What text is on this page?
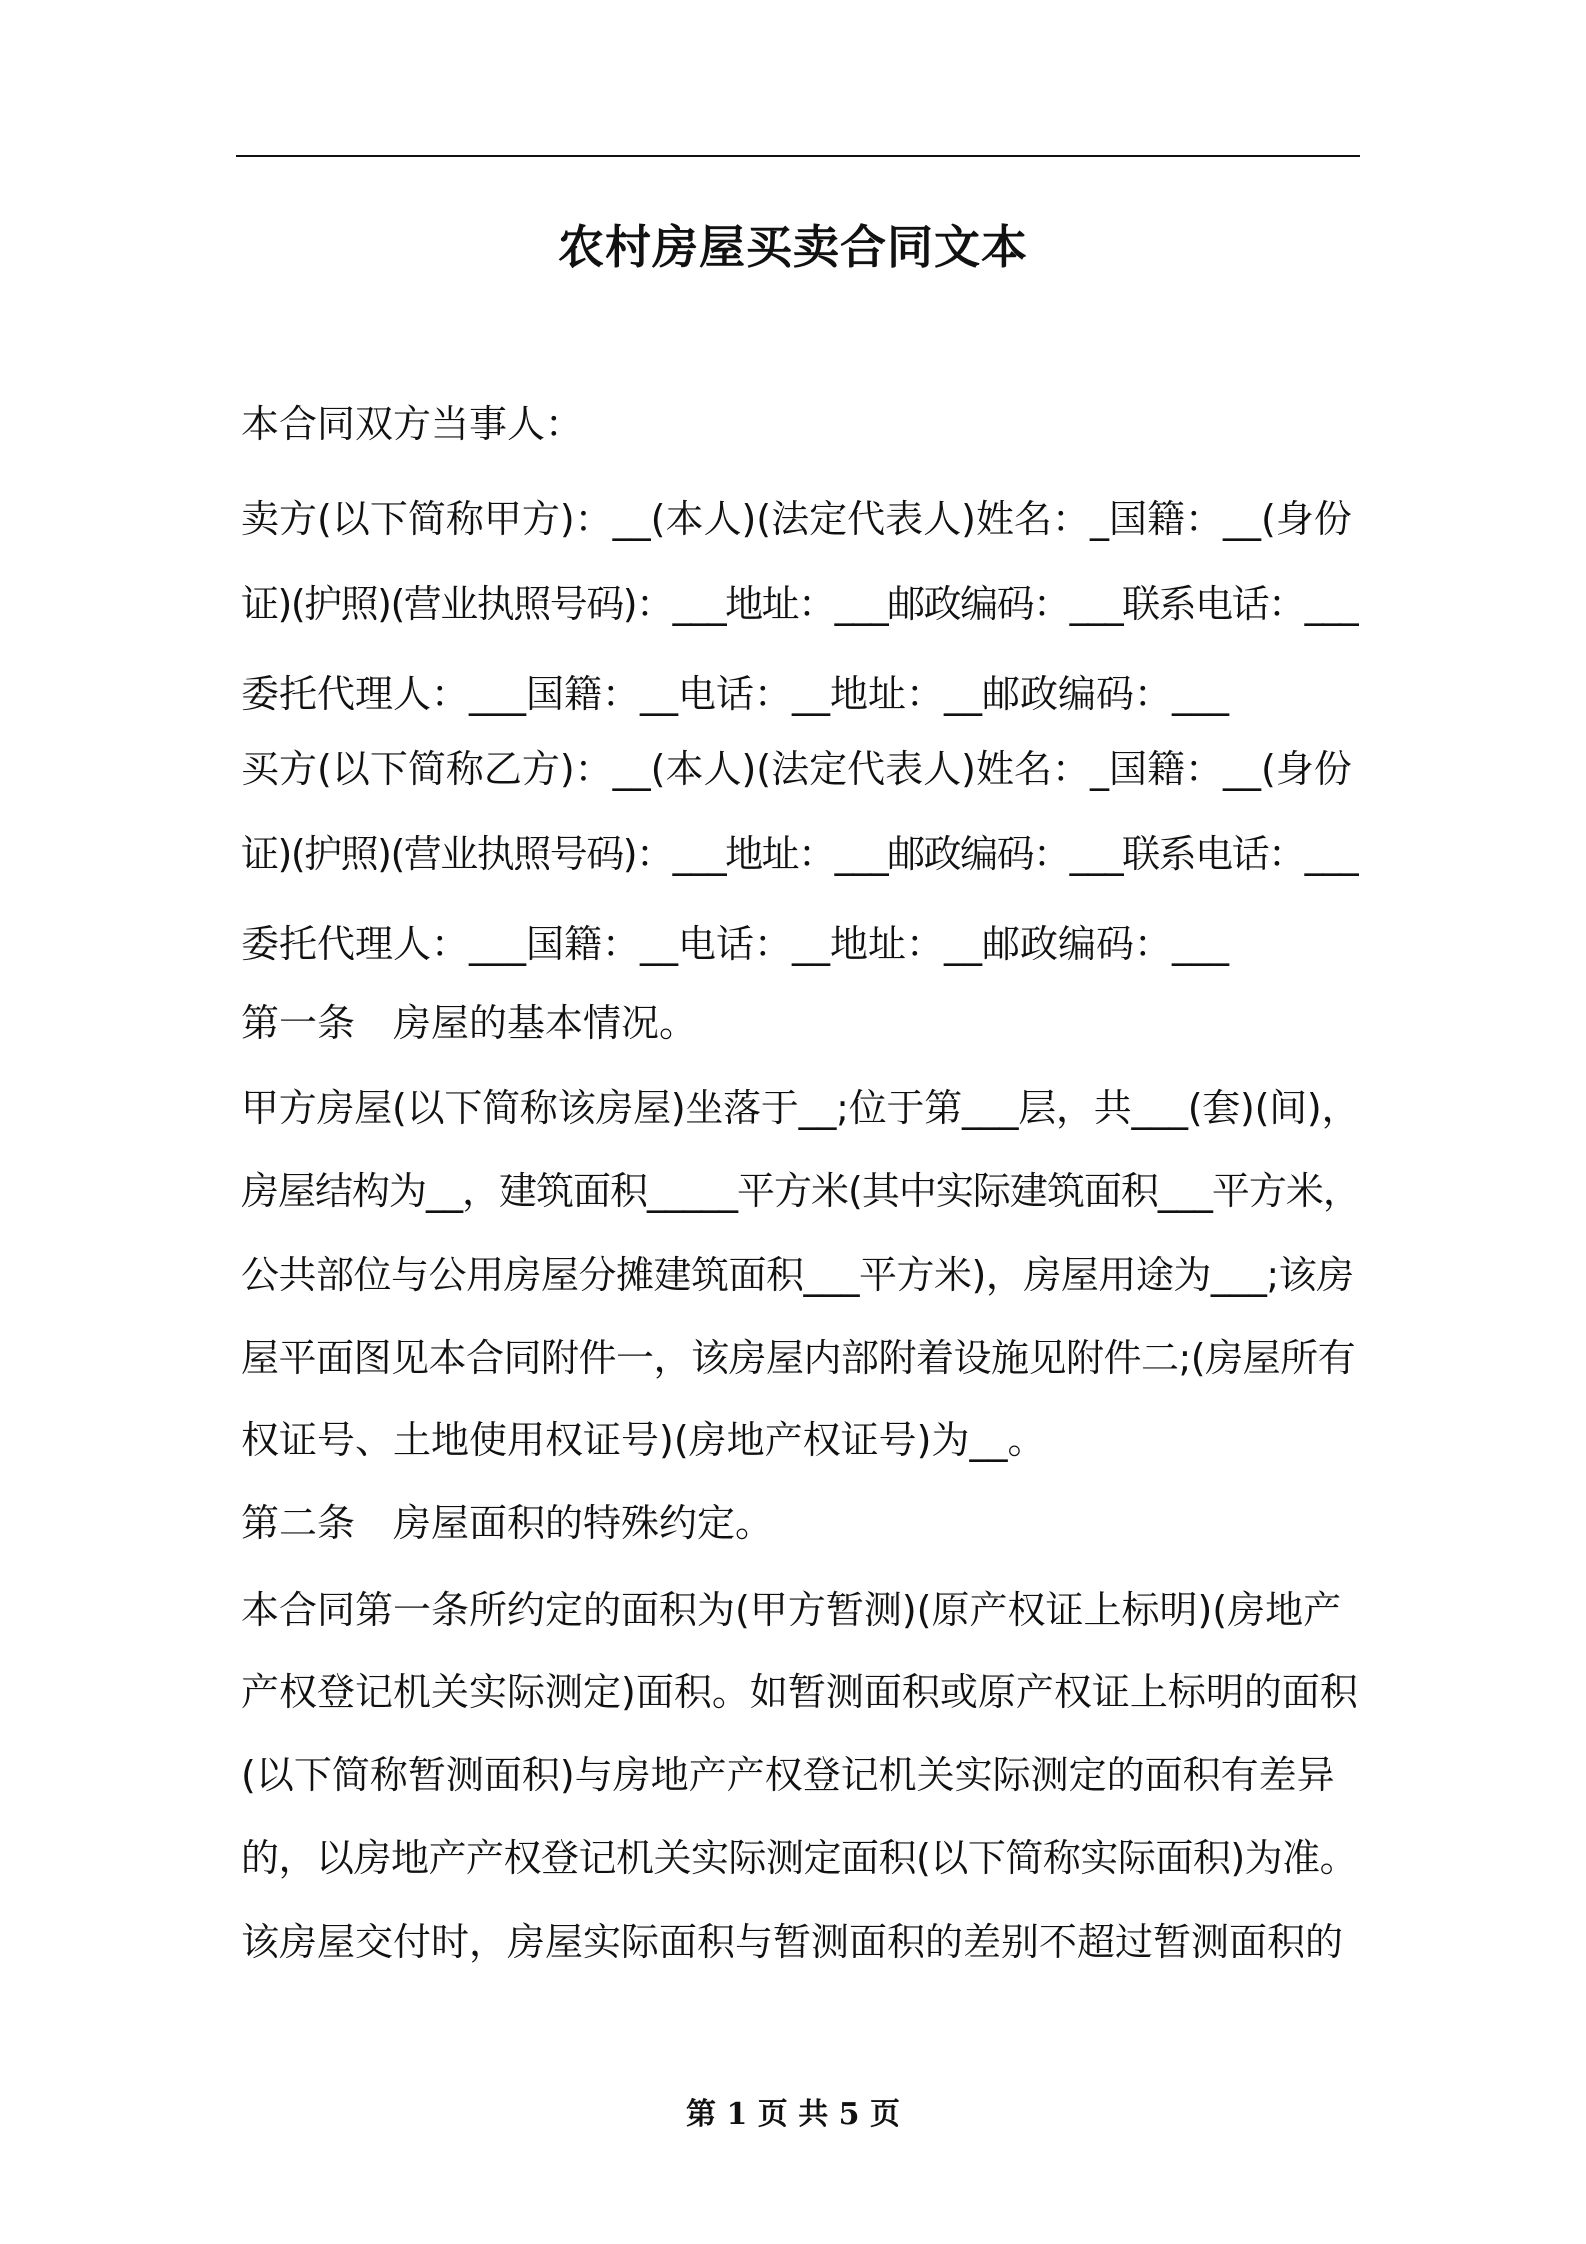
农村房屋买卖合同文本
本合同双方当事人：
卖方(以下简称甲方)：__(本人)(法定代表人)姓名：_国籍：__(身份
证)(护照)(营业执照号码)：___地址：___邮政编码：___联系电话：___
委托代理人：___国籍：__电话：__地址：__邮政编码：___
买方(以下简称乙方)：__(本人)(法定代表人)姓名：_国籍：__(身份
证)(护照)(营业执照号码)：___地址：___邮政编码：___联系电话：___
委托代理人：___国籍：__电话：__地址：__邮政编码：___
第一条　房屋的基本情况。
甲方房屋(以下简称该房屋)坐落于__;位于第___层，共___(套)(间)，
房屋结构为__，建筑面积_____平方米(其中实际建筑面积___平方米，
公共部位与公用房屋分摊建筑面积___平方米)，房屋用途为___;该房
屋平面图见本合同附件一，该房屋内部附着设施见附件二;(房屋所有
权证号、土地使用权证号)(房地产权证号)为__。
第二条　房屋面积的特殊约定。
本合同第一条所约定的面积为(甲方暂测)(原产权证上标明)(房地产
产权登记机关实际测定)面积。如暂测面积或原产权证上标明的面积
(以下简称暂测面积)与房地产产权登记机关实际测定的面积有差异
的，以房地产产权登记机关实际测定面积(以下简称实际面积)为准。
该房屋交付时，房屋实际面积与暂测面积的差别不超过暂测面积的
第 1 页 共 5 页
